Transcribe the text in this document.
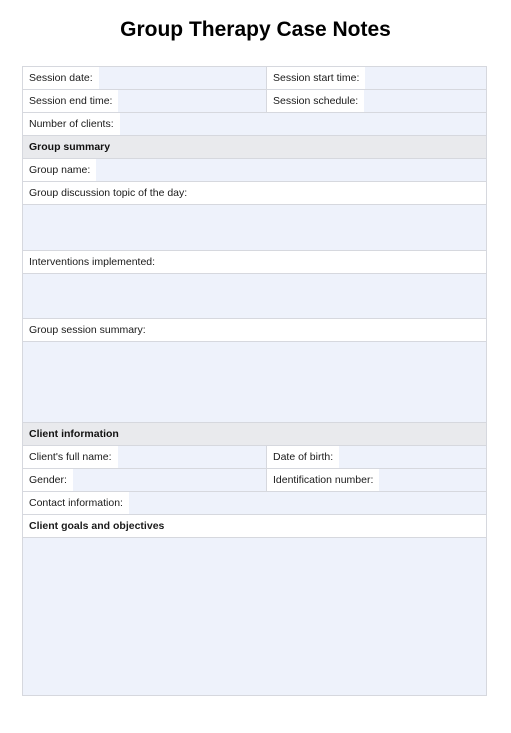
Group Therapy Case Notes
Session date:	Session start time:
Session end time:	Session schedule:
Number of clients:
Group summary
Group name:
Group discussion topic of the day:
Interventions implemented:
Group session summary:
Client information
Client's full name:	Date of birth:
Gender:	Identification number:
Contact information:
Client goals and objectives
